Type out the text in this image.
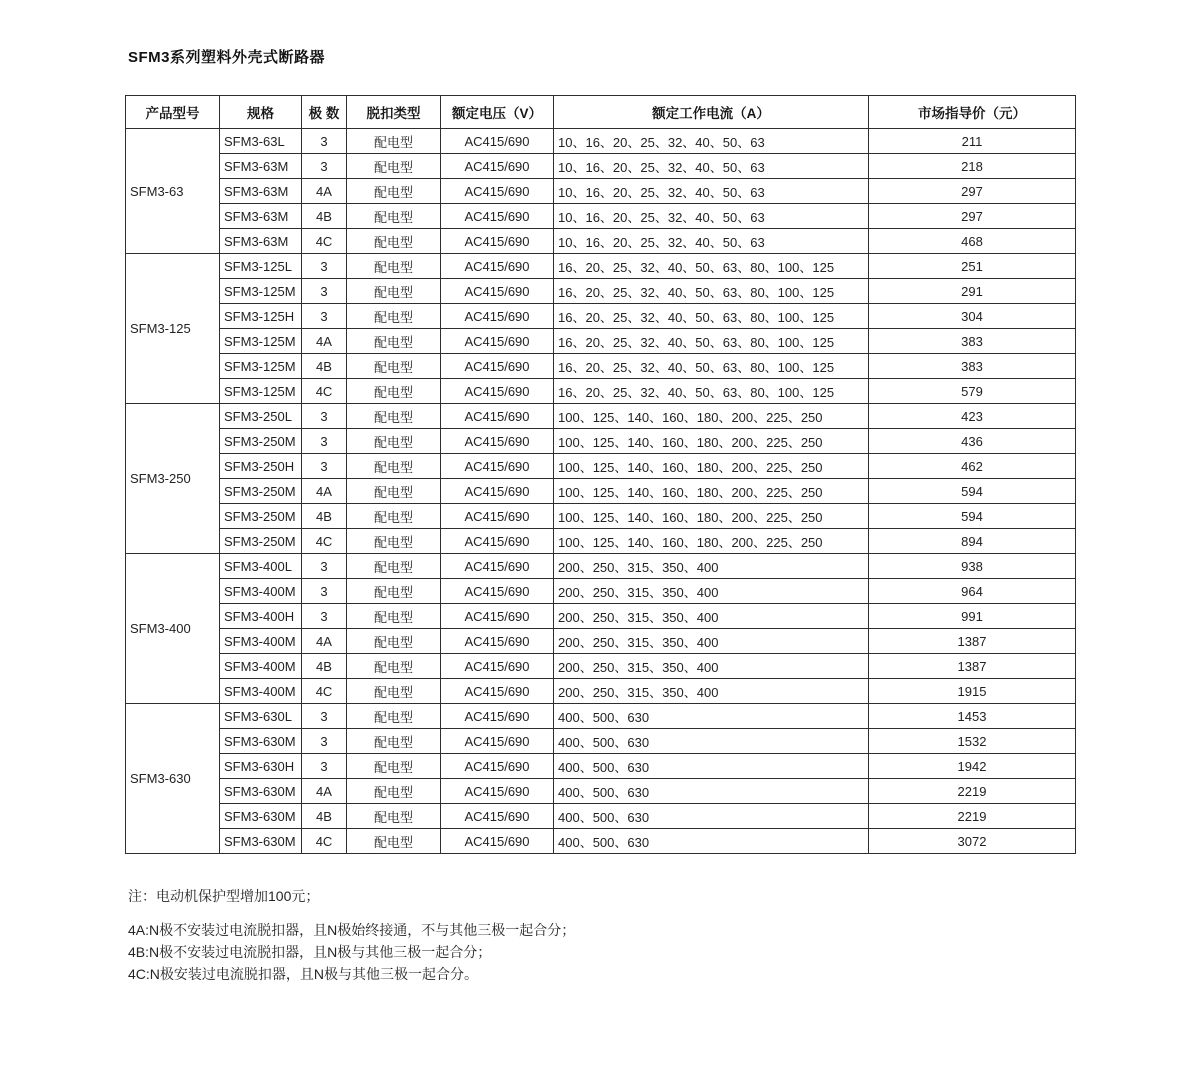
SFM3系列塑料外壳式断路器
产品型号	规格	极 数	脱扣类型	额定电压（V）	额定工作电流（A）	市场指导价（元）
SFM3-63	SFM3-63L	3	配电型	AC415/690	10、16、20、25、32、40、50、63	211
	SFM3-63M	3	配电型	AC415/690	10、16、20、25、32、40、50、63	218
	SFM3-63M	4A	配电型	AC415/690	10、16、20、25、32、40、50、63	297
	SFM3-63M	4B	配电型	AC415/690	10、16、20、25、32、40、50、63	297
	SFM3-63M	4C	配电型	AC415/690	10、16、20、25、32、40、50、63	468
SFM3-125	SFM3-125L	3	配电型	AC415/690	16、20、25、32、40、50、63、80、100、125	251
	SFM3-125M	3	配电型	AC415/690	16、20、25、32、40、50、63、80、100、125	291
	SFM3-125H	3	配电型	AC415/690	16、20、25、32、40、50、63、80、100、125	304
	SFM3-125M	4A	配电型	AC415/690	16、20、25、32、40、50、63、80、100、125	383
	SFM3-125M	4B	配电型	AC415/690	16、20、25、32、40、50、63、80、100、125	383
	SFM3-125M	4C	配电型	AC415/690	16、20、25、32、40、50、63、80、100、125	579
SFM3-250	SFM3-250L	3	配电型	AC415/690	100、125、140、160、180、200、225、250	423
	SFM3-250M	3	配电型	AC415/690	100、125、140、160、180、200、225、250	436
	SFM3-250H	3	配电型	AC415/690	100、125、140、160、180、200、225、250	462
	SFM3-250M	4A	配电型	AC415/690	100、125、140、160、180、200、225、250	594
	SFM3-250M	4B	配电型	AC415/690	100、125、140、160、180、200、225、250	594
	SFM3-250M	4C	配电型	AC415/690	100、125、140、160、180、200、225、250	894
SFM3-400	SFM3-400L	3	配电型	AC415/690	200、250、315、350、400	938
	SFM3-400M	3	配电型	AC415/690	200、250、315、350、400	964
	SFM3-400H	3	配电型	AC415/690	200、250、315、350、400	991
	SFM3-400M	4A	配电型	AC415/690	200、250、315、350、400	1387
	SFM3-400M	4B	配电型	AC415/690	200、250、315、350、400	1387
	SFM3-400M	4C	配电型	AC415/690	200、250、315、350、400	1915
SFM3-630	SFM3-630L	3	配电型	AC415/690	400、500、630	1453
	SFM3-630M	3	配电型	AC415/690	400、500、630	1532
	SFM3-630H	3	配电型	AC415/690	400、500、630	1942
	SFM3-630M	4A	配电型	AC415/690	400、500、630	2219
	SFM3-630M	4B	配电型	AC415/690	400、500、630	2219
	SFM3-630M	4C	配电型	AC415/690	400、500、630	3072
注：电动机保护型增加100元；
4A:N极不安装过电流脱扣器，且N极始终接通，不与其他三极一起合分；
4B:N极不安装过电流脱扣器，且N极与其他三极一起合分；
4C:N极安装过电流脱扣器，且N极与其他三极一起合分。
